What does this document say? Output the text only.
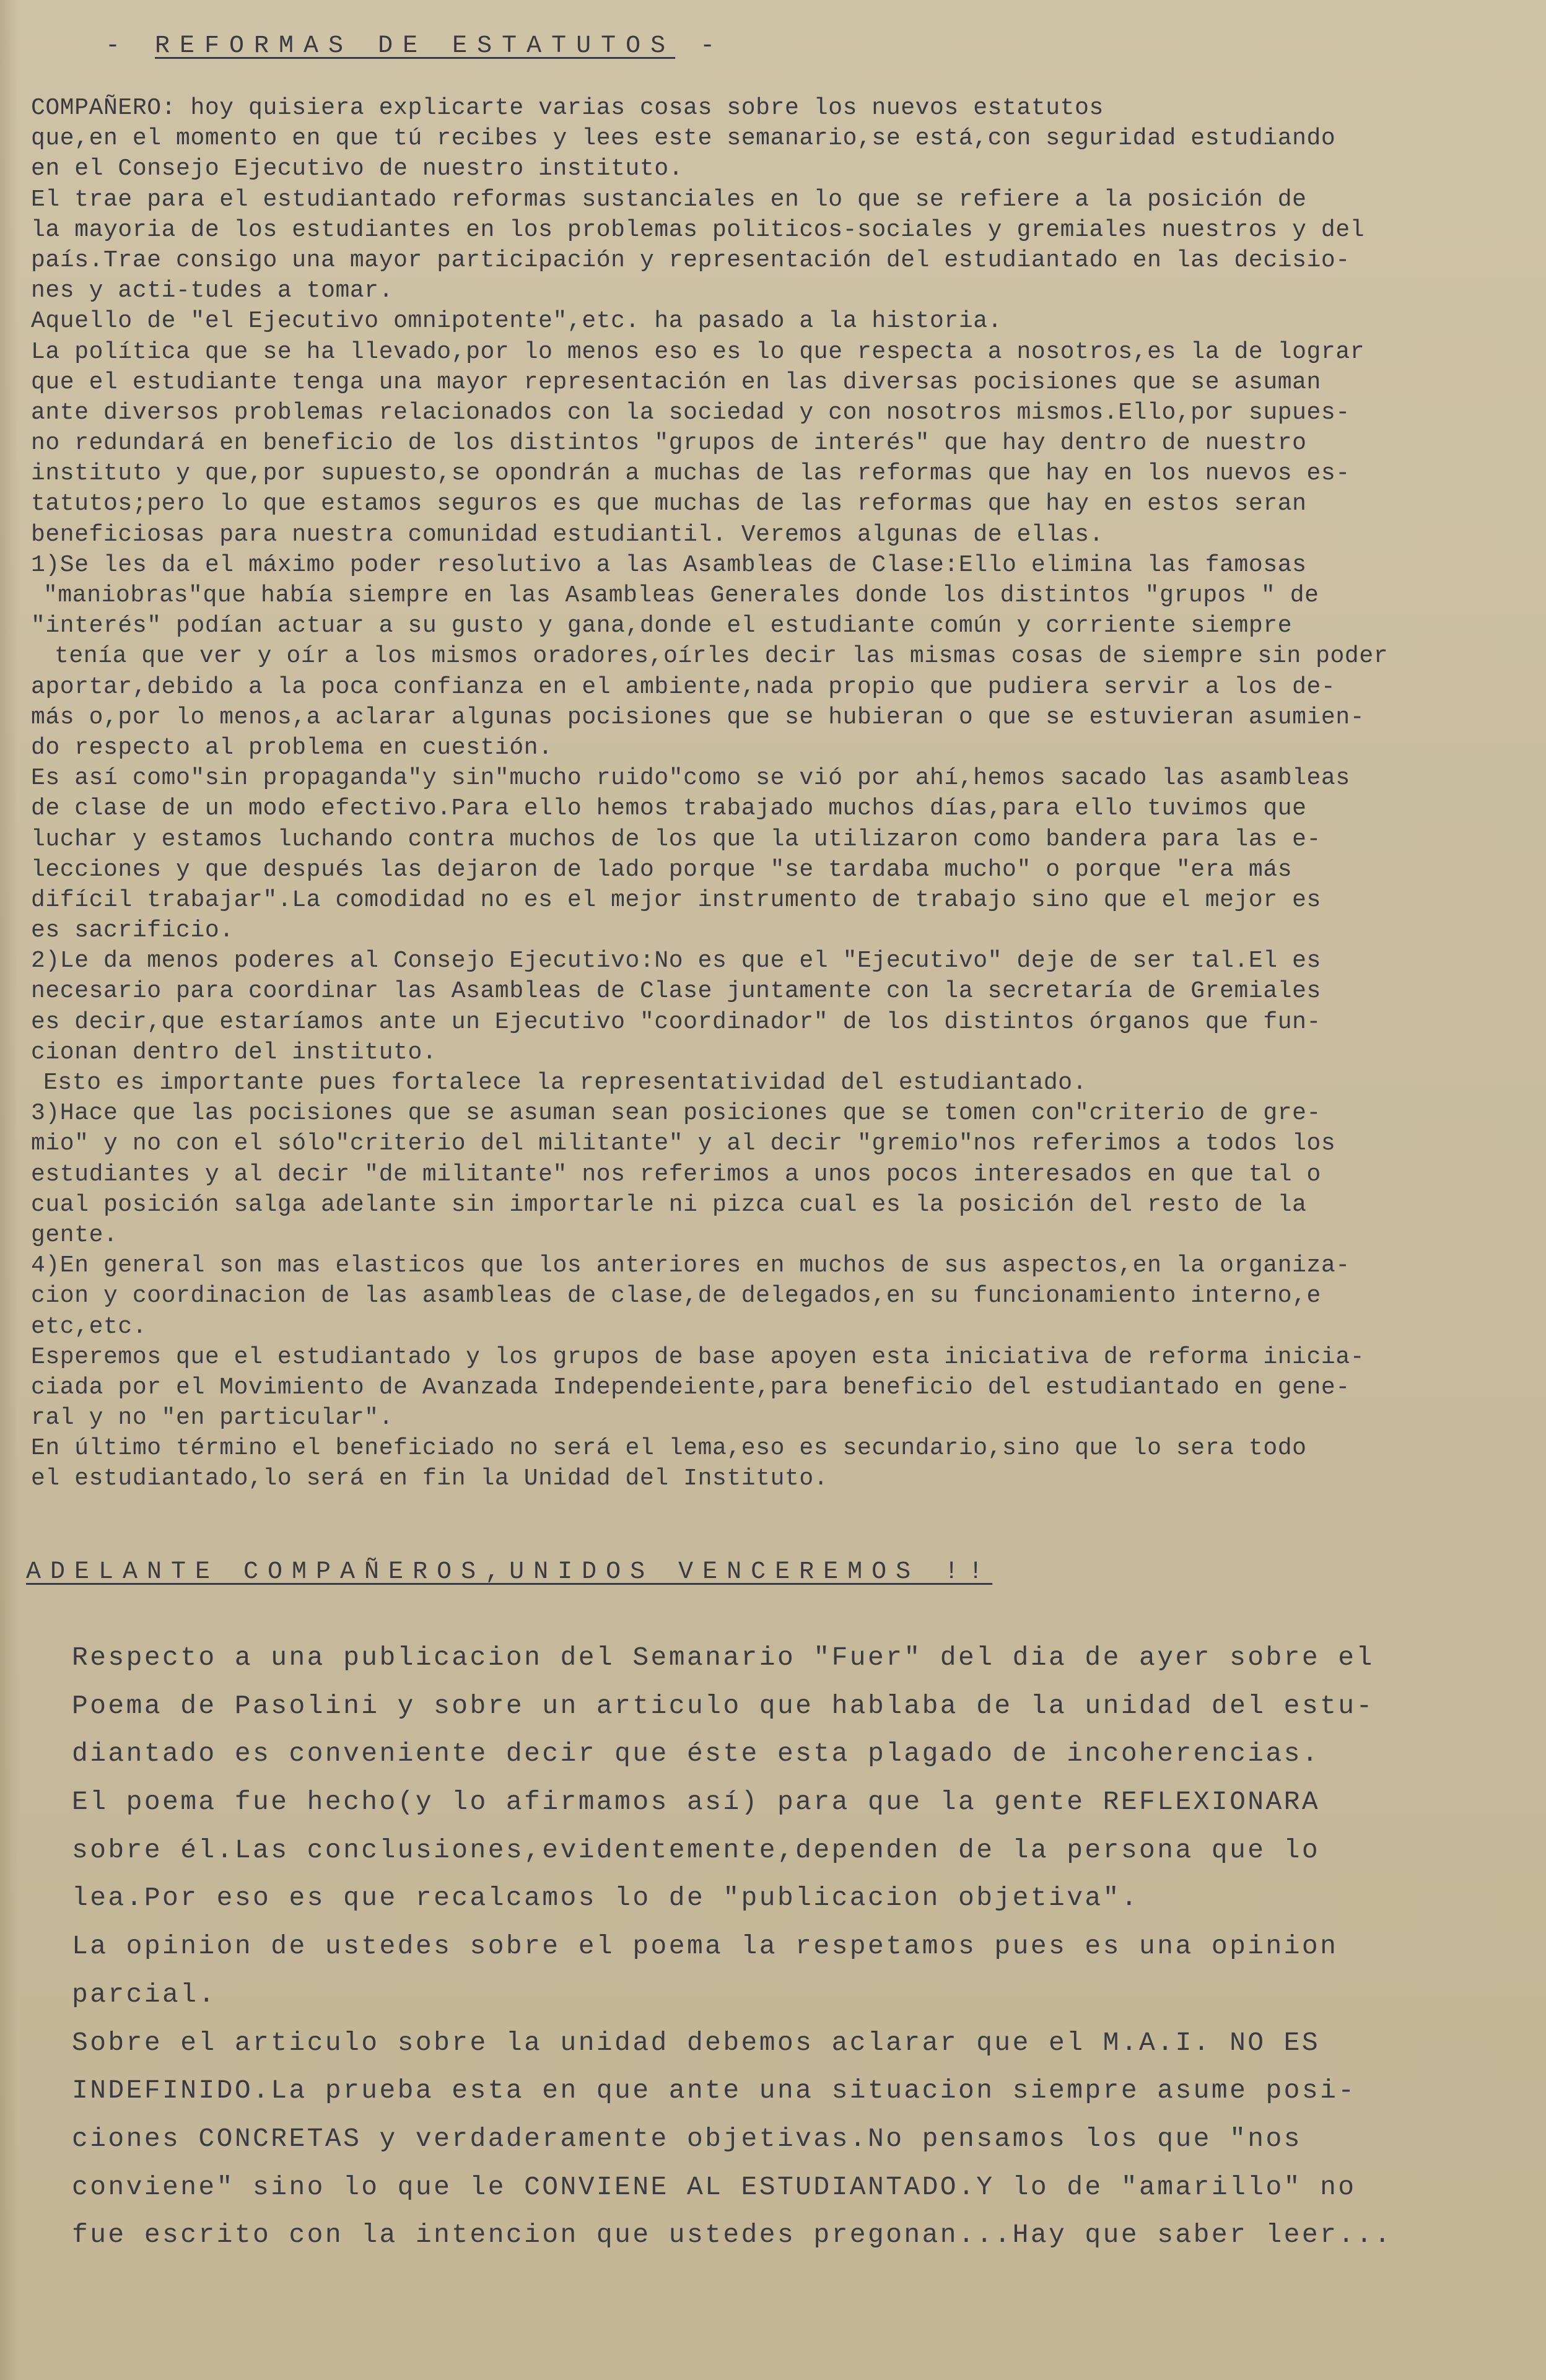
- REFORMAS DE ESTATUTOS -
COMPAÑERO: hoy quisiera explicarte varias cosas sobre los nuevos estatutos
que,en el momento en que tú recibes y lees este semanario,se está,con seguridad estudiando
en el Consejo Ejecutivo de nuestro instituto.
El trae para el estudiantado reformas sustanciales en lo que se refiere a la posición de
la mayoria de los estudiantes en los problemas politicos-sociales y gremiales nuestros y del
país.Trae consigo una mayor participación y representación del estudiantado en las decisio-
nes y acti-tudes a tomar.
Aquello de "el Ejecutivo omnipotente",etc. ha pasado a la historia.
La política que se ha llevado,por lo menos eso es lo que respecta a nosotros,es la de lograr
que el estudiante tenga una mayor representación en las diversas pocisiones que se asuman
ante diversos problemas relacionados con la sociedad y con nosotros mismos.Ello,por supues-
no redundará en beneficio de los distintos "grupos de interés" que hay dentro de nuestro
instituto y que,por supuesto,se opondrán a muchas de las reformas que hay en los nuevos es-
tatutos;pero lo que estamos seguros es que muchas de las reformas que hay en estos seran
beneficiosas para nuestra comunidad estudiantil. Veremos algunas de ellas.
1)Se les da el máximo poder resolutivo a las Asambleas de Clase:Ello elimina las famosas
"maniobras"que había siempre en las Asambleas Generales donde los distintos "grupos " de
"interés" podían actuar a su gusto y gana,donde el estudiante común y corriente siempre
tenía que ver y oír a los mismos oradores,oírles decir las mismas cosas de siempre sin poder
aportar,debido a la poca confianza en el ambiente,nada propio que pudiera servir a los de-
más o,por lo menos,a aclarar algunas pocisiones que se hubieran o que se estuvieran asumien-
do respecto al problema en cuestión.
Es así como"sin propaganda"y sin"mucho ruido"como se vió por ahí,hemos sacado las asambleas
de clase de un modo efectivo.Para ello hemos trabajado muchos días,para ello tuvimos que
luchar y estamos luchando contra muchos de los que la utilizaron como bandera para las e-
lecciones y que después las dejaron de lado porque "se tardaba mucho" o porque "era más
difícil trabajar".La comodidad no es el mejor instrumento de trabajo sino que el mejor es
es sacrificio.
2)Le da menos poderes al Consejo Ejecutivo:No es que el "Ejecutivo" deje de ser tal.El es
necesario para coordinar las Asambleas de Clase juntamente con la secretaría de Gremiales
es decir,que estaríamos ante un Ejecutivo "coordinador" de los distintos órganos que fun-
cionan dentro del instituto.
Esto es importante pues fortalece la representatividad del estudiantado.
3)Hace que las pocisiones que se asuman sean posiciones que se tomen con"criterio de gre-
mio" y no con el sólo"criterio del militante" y al decir "gremio"nos referimos a todos los
estudiantes y al decir "de militante" nos referimos a unos pocos interesados en que tal o
cual posición salga adelante sin importarle ni pizca cual es la posición del resto de la
gente.
4)En general son mas elasticos que los anteriores en muchos de sus aspectos,en la organiza-
cion y coordinacion de las asambleas de clase,de delegados,en su funcionamiento interno,e
etc,etc.
Esperemos que el estudiantado y los grupos de base apoyen esta iniciativa de reforma inicia-
ciada por el Movimiento de Avanzada Independeiente,para beneficio del estudiantado en gene-
ral y no "en particular".
En último término el beneficiado no será el lema,eso es secundario,sino que lo sera todo
el estudiantado,lo será en fin la Unidad del Instituto.
ADELANTE COMPAÑEROS,UNIDOS VENCEREMOS !!
Respecto a una publicacion del Semanario "Fuer" del dia de ayer sobre el
Poema de Pasolini y sobre un articulo que hablaba de la unidad del estu-
diantado es conveniente decir que éste esta plagado de incoherencias.
El poema fue hecho(y lo afirmamos así) para que la gente REFLEXIONARA
sobre él.Las conclusiones,evidentemente,dependen de la persona que lo
lea.Por eso es que recalcamos lo de "publicacion objetiva".
La opinion de ustedes sobre el poema la respetamos pues es una opinion
parcial.
Sobre el articulo sobre la unidad debemos aclarar que el M.A.I. NO ES
INDEFINIDO.La prueba esta en que ante una situacion siempre asume posi-
ciones CONCRETAS y verdaderamente objetivas.No pensamos los que "nos
conviene" sino lo que le CONVIENE AL ESTUDIANTADO.Y lo de "amarillo" no
fue escrito con la intencion que ustedes pregonan...Hay que saber leer...
